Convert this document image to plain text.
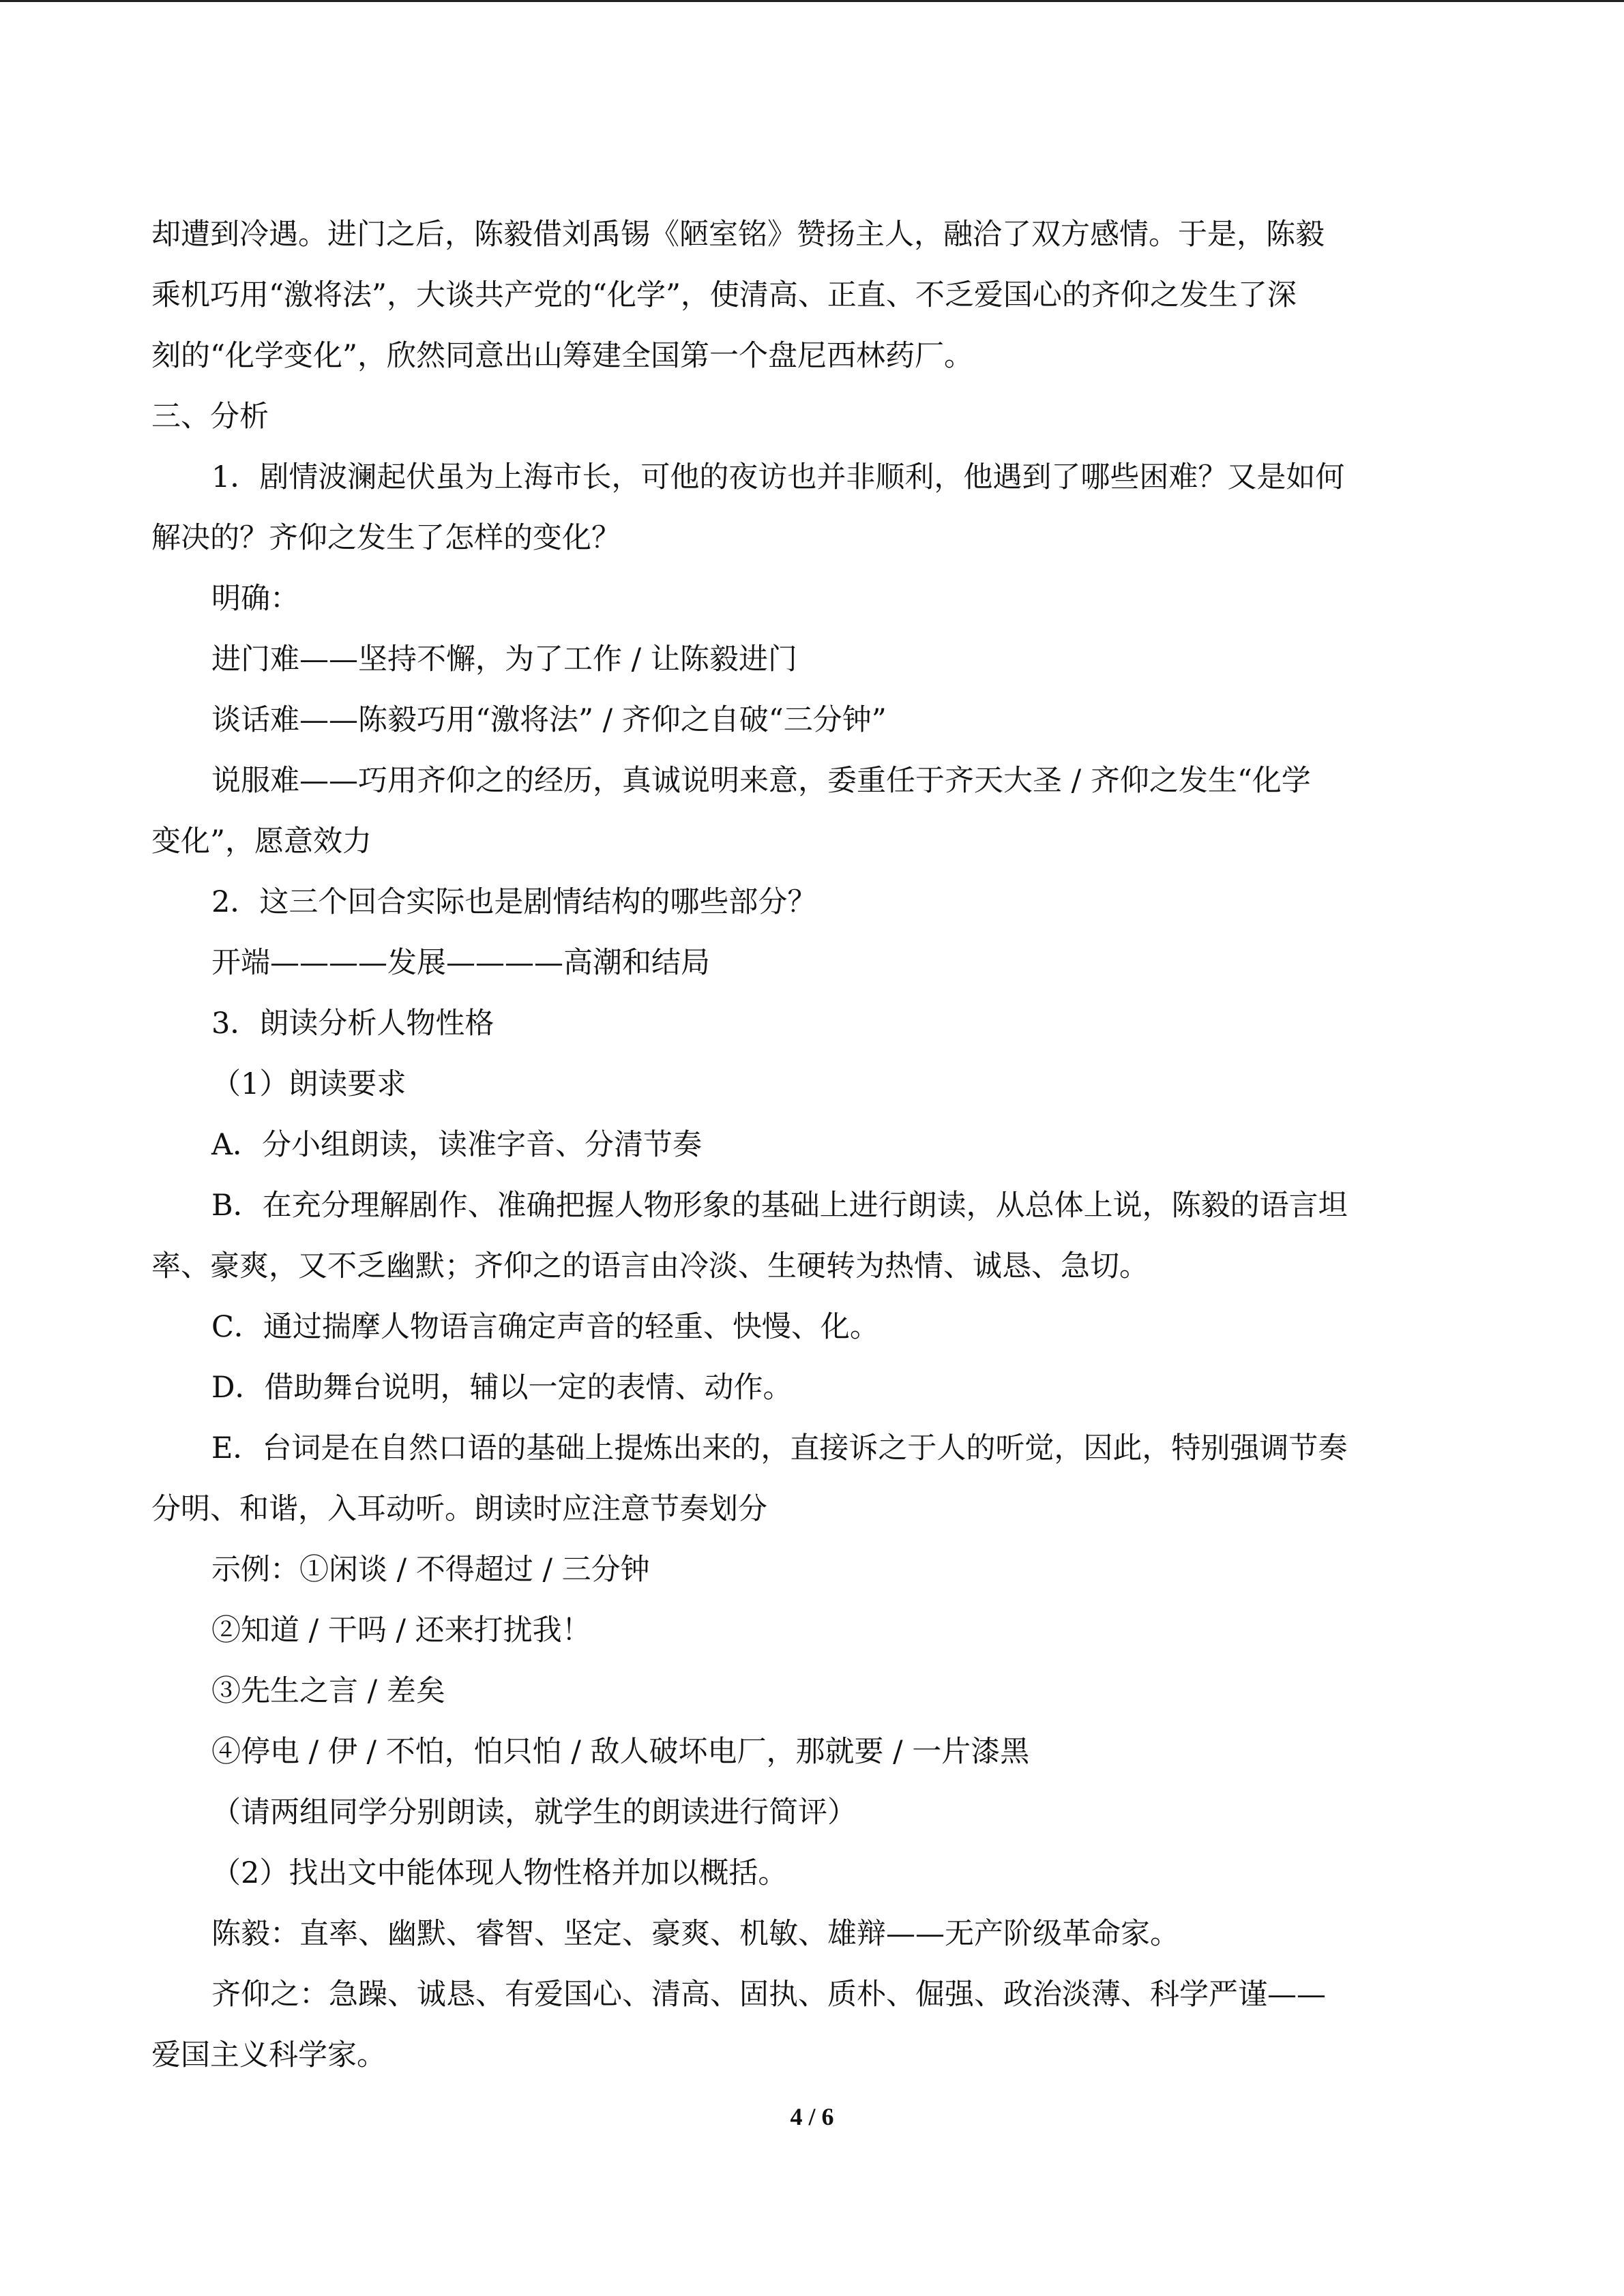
却遭到冷遇。进门之后，陈毅借刘禹锡《陋室铭》赞扬主人，融洽了双方感情。于是，陈毅
乘机巧用“激将法”，大谈共产党的“化学”，使清高、正直、不乏爱国心的齐仰之发生了深
刻的“化学变化”，欣然同意出山筹建全国第一个盘尼西林药厂。
三、分析
1．剧情波澜起伏虽为上海市长，可他的夜访也并非顺利，他遇到了哪些困难？又是如何
解决的？齐仰之发生了怎样的变化？
明确：
进门难——坚持不懈，为了工作 / 让陈毅进门
谈话难——陈毅巧用“激将法” / 齐仰之自破“三分钟”
说服难——巧用齐仰之的经历，真诚说明来意，委重任于齐天大圣 / 齐仰之发生“化学
变化”，愿意效力
2．这三个回合实际也是剧情结构的哪些部分？
开端————发展————高潮和结局
3．朗读分析人物性格
（1）朗读要求
A．分小组朗读，读准字音、分清节奏
B．在充分理解剧作、准确把握人物形象的基础上进行朗读，从总体上说，陈毅的语言坦
率、豪爽，又不乏幽默；齐仰之的语言由冷淡、生硬转为热情、诚恳、急切。
C．通过揣摩人物语言确定声音的轻重、快慢、化。
D．借助舞台说明，辅以一定的表情、动作。
E．台词是在自然口语的基础上提炼出来的，直接诉之于人的听觉，因此，特别强调节奏
分明、和谐，入耳动听。朗读时应注意节奏划分
示例：①闲谈 / 不得超过 / 三分钟
②知道 / 干吗 / 还来打扰我！
③先生之言 / 差矣
④停电 / 伊 / 不怕，怕只怕 / 敌人破坏电厂，那就要 / 一片漆黑
（请两组同学分别朗读，就学生的朗读进行简评）
（2）找出文中能体现人物性格并加以概括。
陈毅：直率、幽默、睿智、坚定、豪爽、机敏、雄辩——无产阶级革命家。
齐仰之：急躁、诚恳、有爱国心、清高、固执、质朴、倔强、政治淡薄、科学严谨——
爱国主义科学家。
4 / 6
